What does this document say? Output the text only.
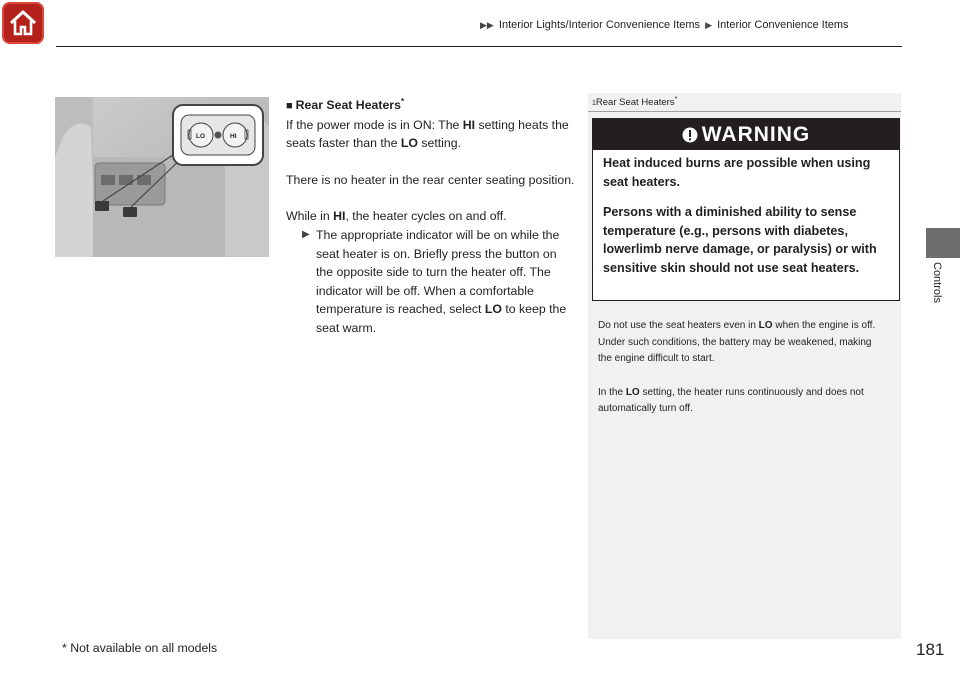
▶▶ Interior Lights/Interior Convenience Items ▶ Interior Convenience Items
Controls
LO	HI
■ Rear Seat Heaters*

If the power mode is in ON: The HI setting heats the seats faster than the LO setting.

There is no heater in the rear center seating position.

While in HI, the heater cycles on and off.

▶ The appropriate indicator will be on while the seat heater is on. Briefly press the button on the opposite side to turn the heater off. The indicator will be off. When a comfortable temperature is reached, select LO to keep the seat warm.

1Rear Seat Heaters*
WARNING

Heat induced burns are possible when using seat heaters.

Persons with a diminished ability to sense temperature (e.g., persons with diabetes, lowerlimb nerve damage, or paralysis) or with sensitive skin should not use seat heaters.

Do not use the seat heaters even in LO when the engine is off. Under such conditions, the battery may be weakened, making the engine difficult to start.

In the LO setting, the heater runs continuously and does not automatically turn off.

* Not available on all models	181
